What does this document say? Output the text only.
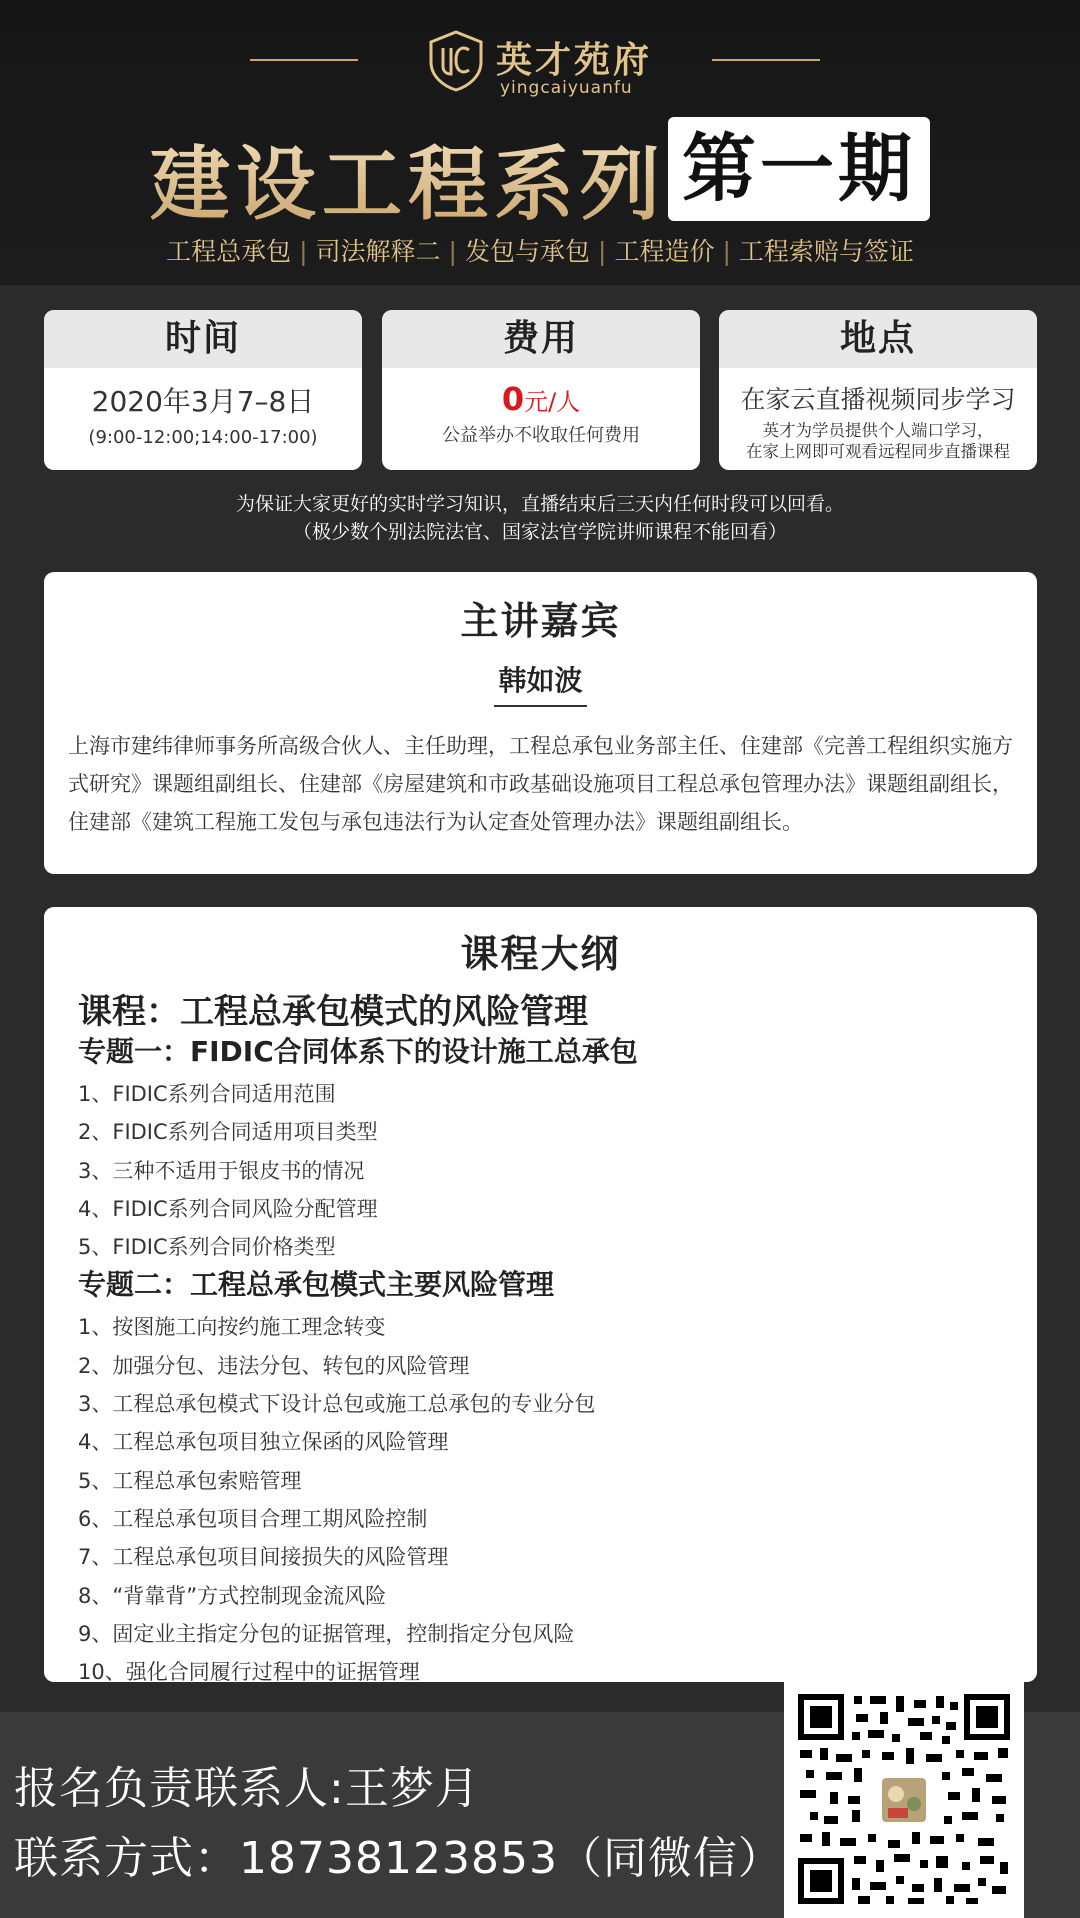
英才苑府
yingcaiyuanfu
建设工程系列 第一期
工程总承包 | 司法解释二 | 发包与承包 | 工程造价 | 工程索赔与签证
时间
2020年3月7–8日
(9:00-12:00;14:00-17:00)
费用
0元/人
公益举办不收取任何费用
地点
在家云直播视频同步学习
英才为学员提供个人端口学习，
在家上网即可观看远程同步直播课程
为保证大家更好的实时学习知识，直播结束后三天内任何时段可以回看。
（极少数个别法院法官、国家法官学院讲师课程不能回看）
主讲嘉宾
韩如波

上海市建纬律师事务所高级合伙人、主任助理，工程总承包业务部主任、住建部《完善工程组织实施方式研究》课题组副组长、住建部《房屋建筑和市政基础设施项目工程总承包管理办法》课题组副组长，住建部《建筑工程施工发包与承包违法行为认定查处管理办法》课题组副组长。

课程大纲
课程：工程总承包模式的风险管理
专题一：FIDIC合同体系下的设计施工总承包
1、FIDIC系列合同适用范围
2、FIDIC系列合同适用项目类型
3、三种不适用于银皮书的情况
4、FIDIC系列合同风险分配管理
5、FIDIC系列合同价格类型
专题二：工程总承包模式主要风险管理
1、按图施工向按约施工理念转变
2、加强分包、违法分包、转包的风险管理
3、工程总承包模式下设计总包或施工总承包的专业分包
4、工程总承包项目独立保函的风险管理
5、工程总承包索赔管理
6、工程总承包项目合理工期风险控制
7、工程总承包项目间接损失的风险管理
8、“背靠背”方式控制现金流风险
9、固定业主指定分包的证据管理，控制指定分包风险
10、强化合同履行过程中的证据管理
报名负责联系人:王梦月
联系方式：18738123853（同微信）
